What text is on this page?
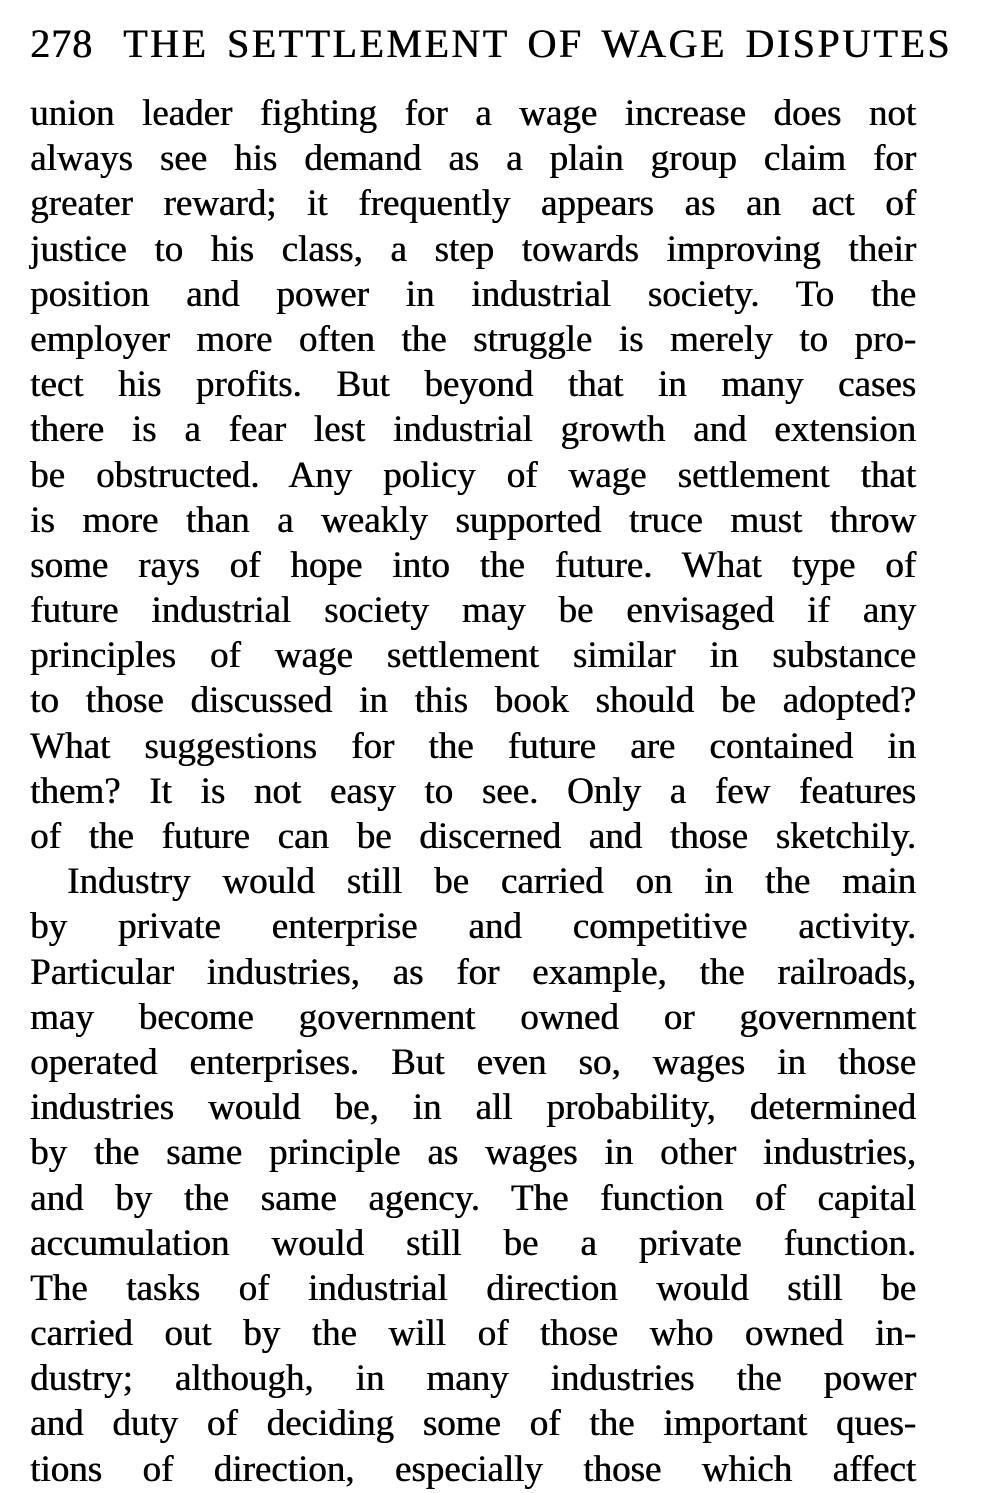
278 THE SETTLEMENT OF WAGE DISPUTES
union leader fighting for a wage increase does not
always see his demand as a plain group claim for
greater reward; it frequently appears as an act of
justice to his class, a step towards improving their
position and power in industrial society. To the
employer more often the struggle is merely to pro-
tect his profits. But beyond that in many cases
there is a fear lest industrial growth and extension
be obstructed. Any policy of wage settlement that
is more than a weakly supported truce must throw
some rays of hope into the future. What type of
future industrial society may be envisaged if any
principles of wage settlement similar in substance
to those discussed in this book should be adopted?
What suggestions for the future are contained in
them? It is not easy to see. Only a few features
of the future can be discerned and those sketchily.
Industry would still be carried on in the main
by private enterprise and competitive activity.
Particular industries, as for example, the railroads,
may become government owned or government
operated enterprises. But even so, wages in those
industries would be, in all probability, determined
by the same principle as wages in other industries,
and by the same agency. The function of capital
accumulation would still be a private function.
The tasks of industrial direction would still be
carried out by the will of those who owned in-
dustry; although, in many industries the power
and duty of deciding some of the important ques-
tions of direction, especially those which affect
